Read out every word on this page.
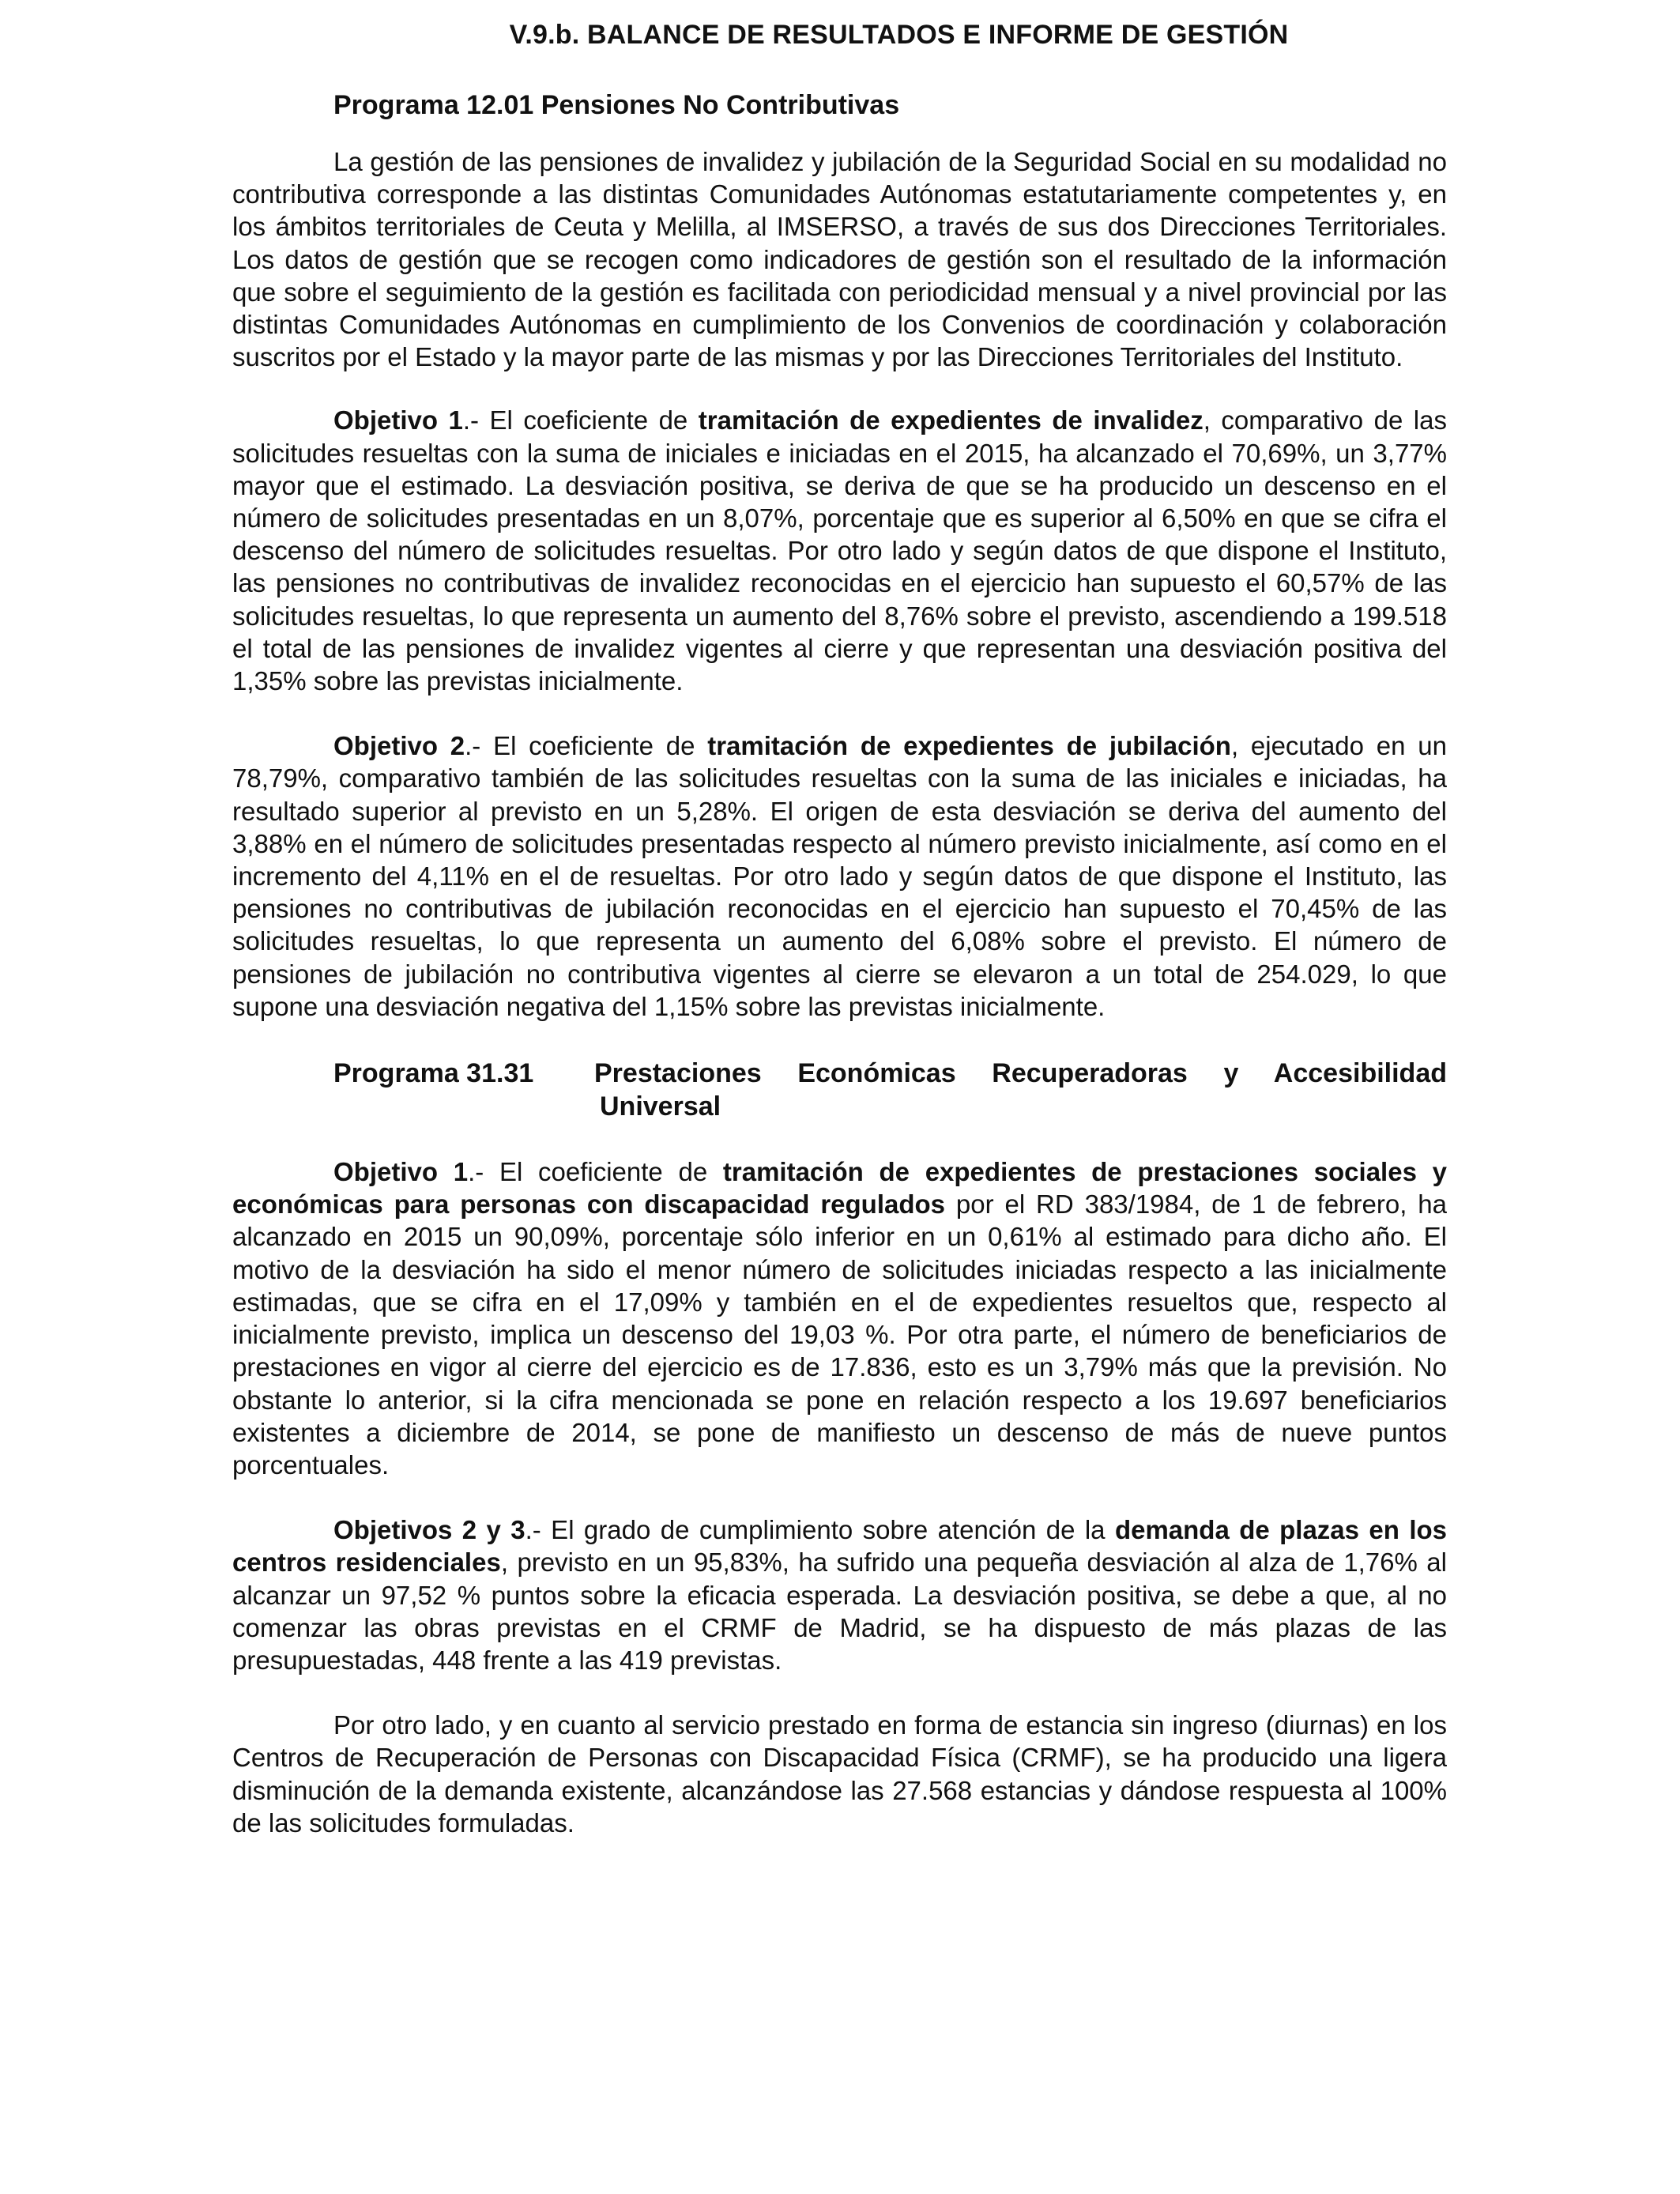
V.9.b. BALANCE DE RESULTADOS E INFORME DE GESTIÓN
Programa 12.01 Pensiones No Contributivas

La gestión de las pensiones de invalidez y jubilación de la Seguridad Social en su modalidad no contributiva corresponde a las distintas Comunidades Autónomas estatutariamente competentes y, en los ámbitos territoriales de Ceuta y Melilla, al IMSERSO, a través de sus dos Direcciones Territoriales. Los datos de gestión que se recogen como indicadores de gestión son el resultado de la información que sobre el seguimiento de la gestión es facilitada con periodicidad mensual y a nivel provincial por las distintas Comunidades Autónomas en cumplimiento de los Convenios de coordinación y colaboración suscritos por el Estado y la mayor parte de las mismas y por las Direcciones Territoriales del Instituto.

Objetivo 1.- El coeficiente de tramitación de expedientes de invalidez, comparativo de las solicitudes resueltas con la suma de iniciales e iniciadas en el 2015, ha alcanzado el 70,69%, un 3,77% mayor que el estimado. La desviación positiva, se deriva de que se ha producido un descenso en el número de solicitudes presentadas en un 8,07%, porcentaje que es superior al 6,50% en que se cifra el descenso del número de solicitudes resueltas. Por otro lado y según datos de que dispone el Instituto, las pensiones no contributivas de invalidez reconocidas en el ejercicio han supuesto el 60,57% de las solicitudes resueltas, lo que representa un aumento del 8,76% sobre el previsto, ascendiendo a 199.518 el total de las pensiones de invalidez vigentes al cierre y que representan una desviación positiva del 1,35% sobre las previstas inicialmente.

Objetivo 2.- El coeficiente de tramitación de expedientes de jubilación, ejecutado en un 78,79%, comparativo también de las solicitudes resueltas con la suma de las iniciales e iniciadas, ha resultado superior al previsto en un 5,28%. El origen de esta desviación se deriva del aumento del 3,88% en el número de solicitudes presentadas respecto al número previsto inicialmente, así como en el incremento del 4,11% en el de resueltas. Por otro lado y según datos de que dispone el Instituto, las pensiones no contributivas de jubilación reconocidas en el ejercicio han supuesto el 70,45% de las solicitudes resueltas, lo que representa un aumento del 6,08% sobre el previsto. El número de pensiones de jubilación no contributiva vigentes al cierre se elevaron a un total de 254.029, lo que supone una desviación negativa del 1,15% sobre las previstas inicialmente.

Programa 31.31	Prestaciones Económicas Recuperadoras y Accesibilidad
Universal

Objetivo 1.- El coeficiente de tramitación de expedientes de prestaciones sociales y económicas para personas con discapacidad regulados por el RD 383/1984, de 1 de febrero, ha alcanzado en 2015 un 90,09%, porcentaje sólo inferior en un 0,61% al estimado para dicho año. El motivo de la desviación ha sido el menor número de solicitudes iniciadas respecto a las inicialmente estimadas, que se cifra en el 17,09% y también en el de expedientes resueltos que, respecto al inicialmente previsto, implica un descenso del 19,03 %. Por otra parte, el número de beneficiarios de prestaciones en vigor al cierre del ejercicio es de 17.836, esto es un 3,79% más que la previsión. No obstante lo anterior, si la cifra mencionada se pone en relación respecto a los 19.697 beneficiarios existentes a diciembre de 2014, se pone de manifiesto un descenso de más de nueve puntos porcentuales.

Objetivos 2 y 3.- El grado de cumplimiento sobre atención de la demanda de plazas en los centros residenciales, previsto en un 95,83%, ha sufrido una pequeña desviación al alza de 1,76% al alcanzar un 97,52 % puntos sobre la eficacia esperada. La desviación positiva, se debe a que, al no comenzar las obras previstas en el CRMF de Madrid, se ha dispuesto de más plazas de las presupuestadas, 448 frente a las 419 previstas.

Por otro lado, y en cuanto al servicio prestado en forma de estancia sin ingreso (diurnas) en los Centros de Recuperación de Personas con Discapacidad Física (CRMF), se ha producido una ligera disminución de la demanda existente, alcanzándose las 27.568 estancias y dándose respuesta al 100% de las solicitudes formuladas.
